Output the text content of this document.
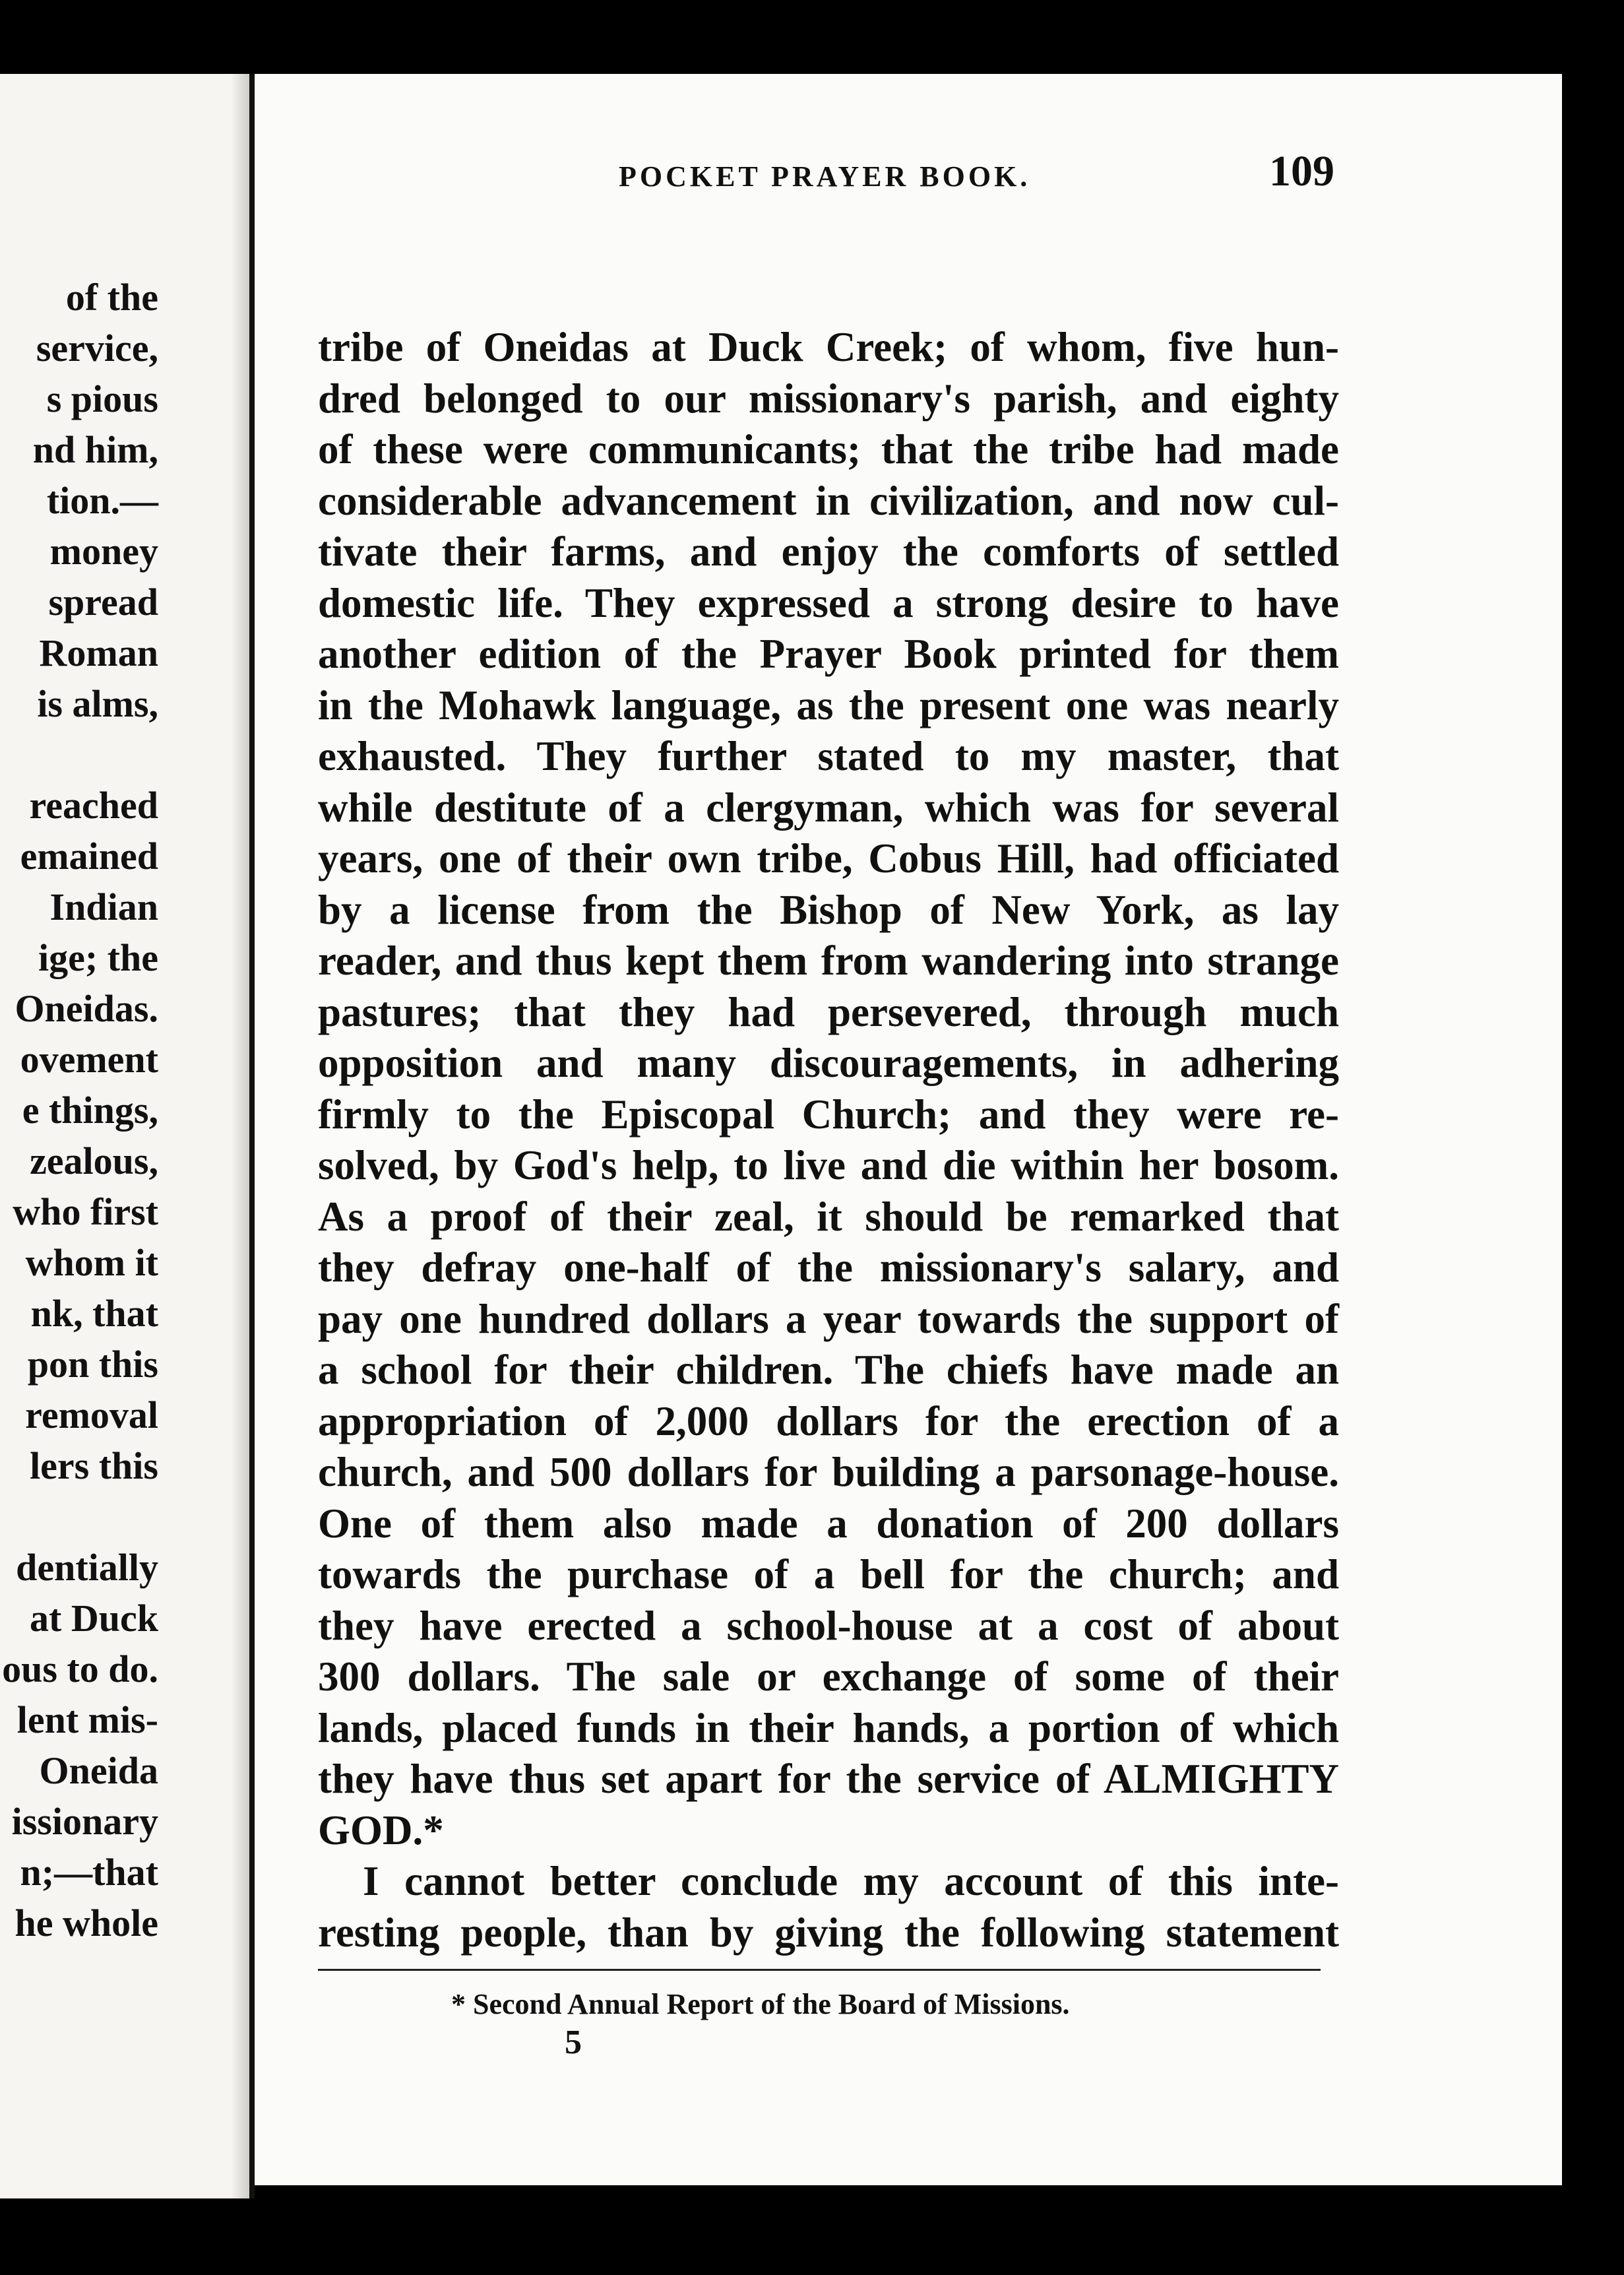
of the
service,
s pious
nd him,
tion.—
money
spread
Roman
is alms,
reached
emained
Indian
ige; the
Oneidas.
ovement
e things,
zealous,
who first
whom it
nk, that
pon this
removal
lers this
dentially
at Duck
ous to do.
lent mis-
Oneida
issionary
n;—that
he whole
POCKET PRAYER BOOK.	109
tribe of Oneidas at Duck Creek; of whom, five hun-
dred belonged to our missionary's parish, and eighty
of these were communicants; that the tribe had made
considerable advancement in civilization, and now cul-
tivate their farms, and enjoy the comforts of settled
domestic life. They expressed a strong desire to have
another edition of the Prayer Book printed for them
in the Mohawk language, as the present one was nearly
exhausted. They further stated to my master, that
while destitute of a clergyman, which was for several
years, one of their own tribe, Cobus Hill, had officiated
by a license from the Bishop of New York, as lay
reader, and thus kept them from wandering into strange
pastures; that they had persevered, through much
opposition and many discouragements, in adhering
firmly to the Episcopal Church; and they were re-
solved, by God's help, to live and die within her bosom.
As a proof of their zeal, it should be remarked that
they defray one-half of the missionary's salary, and
pay one hundred dollars a year towards the support of
a school for their children. The chiefs have made an
appropriation of 2,000 dollars for the erection of a
church, and 500 dollars for building a parsonage-house.
One of them also made a donation of 200 dollars
towards the purchase of a bell for the church; and
they have erected a school-house at a cost of about
300 dollars. The sale or exchange of some of their
lands, placed funds in their hands, a portion of which
they have thus set apart for the service of ALMIGHTY
GOD.*
I cannot better conclude my account of this inte-
resting people, than by giving the following statement
* Second Annual Report of the Board of Missions.
5
